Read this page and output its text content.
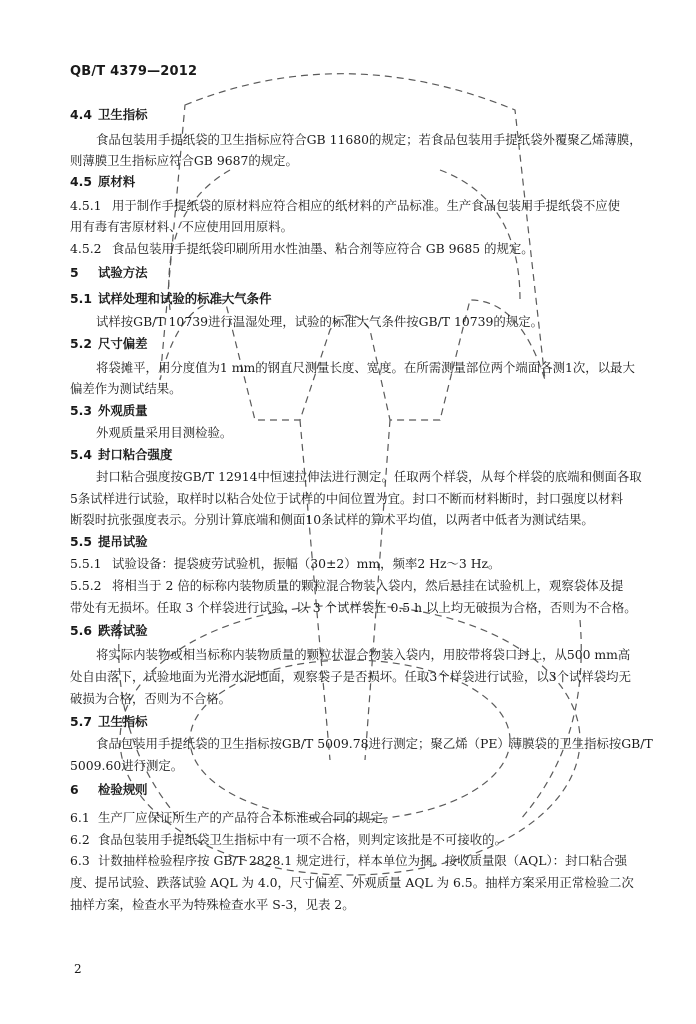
QB/T 4379—2012
4.4 卫生指标
食品包装用手提纸袋的卫生指标应符合GB 11680的规定；若食品包装用手提纸袋外覆聚乙烯薄膜，
则薄膜卫生指标应符合GB 9687的规定。
4.5 原材料
4.5.1 用于制作手提纸袋的原材料应符合相应的纸材料的产品标准。生产食品包装用手提纸袋不应使
用有毒有害原材料、不应使用回用原料。
4.5.2 食品包装用手提纸袋印刷所用水性油墨、粘合剂等应符合 GB 9685 的规定。
5 试验方法
5.1 试样处理和试验的标准大气条件
试样按GB/T 10739进行温湿处理，试验的标准大气条件按GB/T 10739的规定。
5.2 尺寸偏差
将袋摊平，用分度值为1 mm的钢直尺测量长度、宽度。在所需测量部位两个端面各测1次，以最大
偏差作为测试结果。
5.3 外观质量
外观质量采用目测检验。
5.4 封口粘合强度
封口粘合强度按GB/T 12914中恒速拉伸法进行测定。任取两个样袋，从每个样袋的底端和侧面各取
5条试样进行试验，取样时以粘合处位于试样的中间位置为宜。封口不断而材料断时，封口强度以材料
断裂时抗张强度表示。分别计算底端和侧面10条试样的算术平均值，以两者中低者为测试结果。
5.5 提吊试验
5.5.1 试验设备：提袋疲劳试验机，振幅（30±2）mm，频率2 Hz～3 Hz。
5.5.2 将相当于 2 倍的标称内装物质量的颗粒混合物装入袋内，然后悬挂在试验机上，观察袋体及提
带处有无损坏。任取 3 个样袋进行试验，以 3 个试样袋在 0.5 h 以上均无破损为合格，否则为不合格。
5.6 跌落试验
将实际内装物或相当标称内装物质量的颗粒状混合物装入袋内，用胶带将袋口封上，从500 mm高
处自由落下，试验地面为光滑水泥地面，观察袋子是否损坏。任取3个样袋进行试验，以3个试样袋均无
破损为合格，否则为不合格。
5.7 卫生指标
食品包装用手提纸袋的卫生指标按GB/T 5009.78进行测定；聚乙烯（PE）薄膜袋的卫生指标按GB/T
5009.60进行测定。
6 检验规则
6.1 生产厂应保证所生产的产品符合本标准或合同的规定。
6.2 食品包装用手提纸袋卫生指标中有一项不合格，则判定该批是不可接收的。
6.3 计数抽样检验程序按 GB/T 2828.1 规定进行，样本单位为捆。接收质量限（AQL）：封口粘合强
度、提吊试验、跌落试验 AQL 为 4.0，尺寸偏差、外观质量 AQL 为 6.5。抽样方案采用正常检验二次
抽样方案，检查水平为特殊检查水平 S-3，见表 2。
2
